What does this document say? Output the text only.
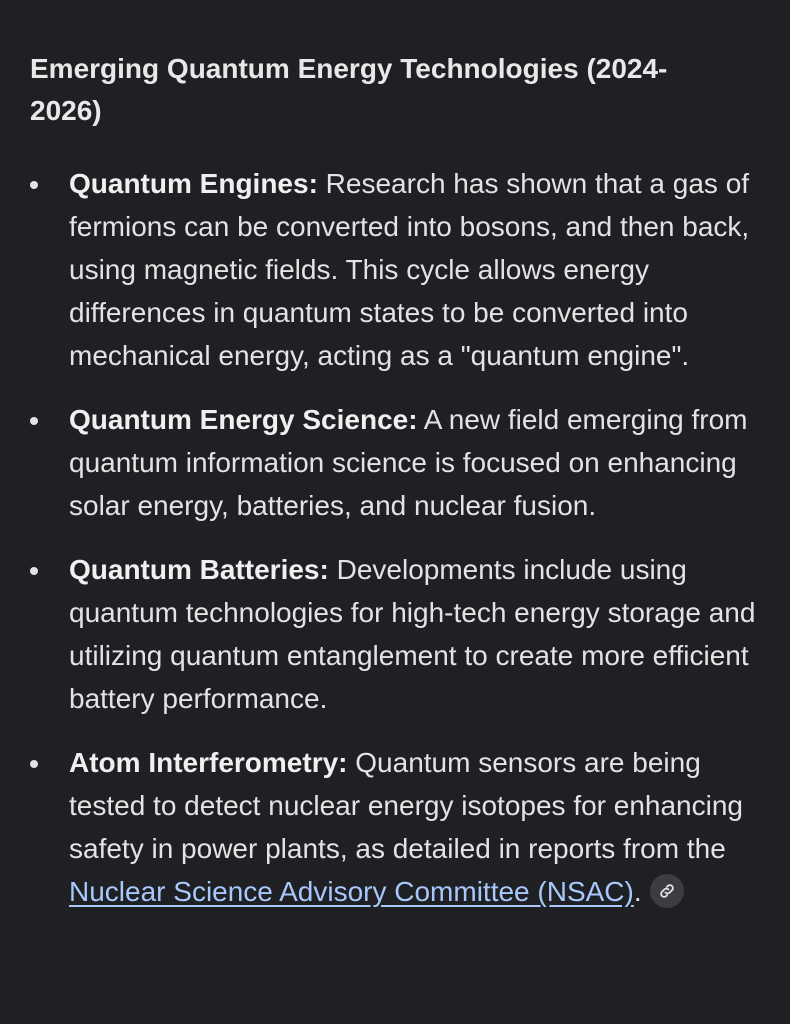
Emerging Quantum Energy Technologies (2024-2026)
Quantum Engines: Research has shown that a gas of fermions can be converted into bosons, and then back, using magnetic fields. This cycle allows energy differences in quantum states to be converted into mechanical energy, acting as a "quantum engine".
Quantum Energy Science: A new field emerging from quantum information science is focused on enhancing solar energy, batteries, and nuclear fusion.
Quantum Batteries: Developments include using quantum technologies for high-tech energy storage and utilizing quantum entanglement to create more efficient battery performance.
Atom Interferometry: Quantum sensors are being tested to detect nuclear energy isotopes for enhancing safety in power plants, as detailed in reports from the Nuclear Science Advisory Committee (NSAC).
